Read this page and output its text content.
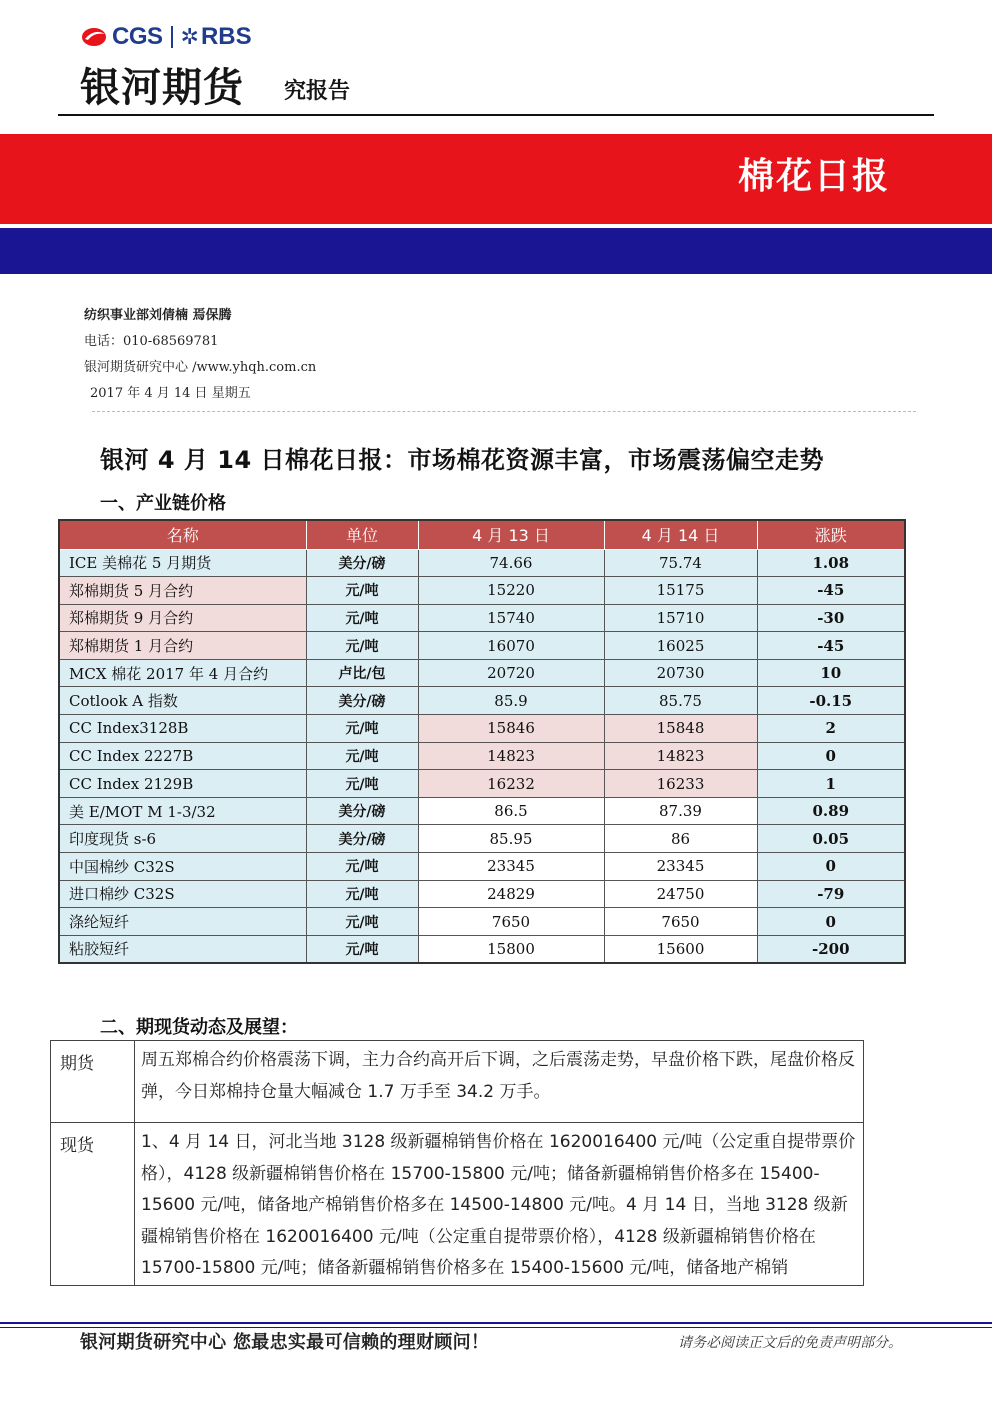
CGS ✲ RBS
银河期货 究报告
棉花日报
纺织事业部刘倩楠 焉保腾
电话：010-68569781
银河期货研究中心 /www.yhqh.com.cn
2017 年 4 月 14 日 星期五
银河 4 月 14 日棉花日报：市场棉花资源丰富，市场震荡偏空走势
一、产业链价格
名称	单位	4 月 13 日	4 月 14 日	涨跌
ICE 美棉花 5 月期货	美分/磅	74.66	75.74	1.08
郑棉期货 5 月合约	元/吨	15220	15175	-45
郑棉期货 9 月合约	元/吨	15740	15710	-30
郑棉期货 1 月合约	元/吨	16070	16025	-45
MCX 棉花 2017 年 4 月合约	卢比/包	20720	20730	10
Cotlook A 指数	美分/磅	85.9	85.75	-0.15
CC Index3128B	元/吨	15846	15848	2
CC Index 2227B	元/吨	14823	14823	0
CC Index 2129B	元/吨	16232	16233	1
美 E/MOT M 1-3/32	美分/磅	86.5	87.39	0.89
印度现货 s-6	美分/磅	85.95	86	0.05
中国棉纱 C32S	元/吨	23345	23345	0
进口棉纱 C32S	元/吨	24829	24750	-79
涤纶短纤	元/吨	7650	7650	0
粘胶短纤	元/吨	15800	15600	-200
二、期现货动态及展望：
期货	周五郑棉合约价格震荡下调，主力合约高开后下调，之后震荡走势，早盘价格下跌，尾盘价格反弹，今日郑棉持仓量大幅减仓 1.7 万手至 34.2 万手。
现货	1、4 月 14 日，河北当地 3128 级新疆棉销售价格在 1620016400 元/吨（公定重自提带票价格），4128 级新疆棉销售价格在 15700-15800 元/吨；储备新疆棉销售价格多在 15400-15600 元/吨，储备地产棉销售价格多在 14500-14800 元/吨。4 月 14 日，当地 3128 级新疆棉销售价格在 1620016400 元/吨（公定重自提带票价格），4128 级新疆棉销售价格在 15700-15800 元/吨；储备新疆棉销售价格多在 15400-15600 元/吨，储备地产棉销
银河期货研究中心 您最忠实最可信赖的理财顾问！	请务必阅读正文后的免责声明部分。
